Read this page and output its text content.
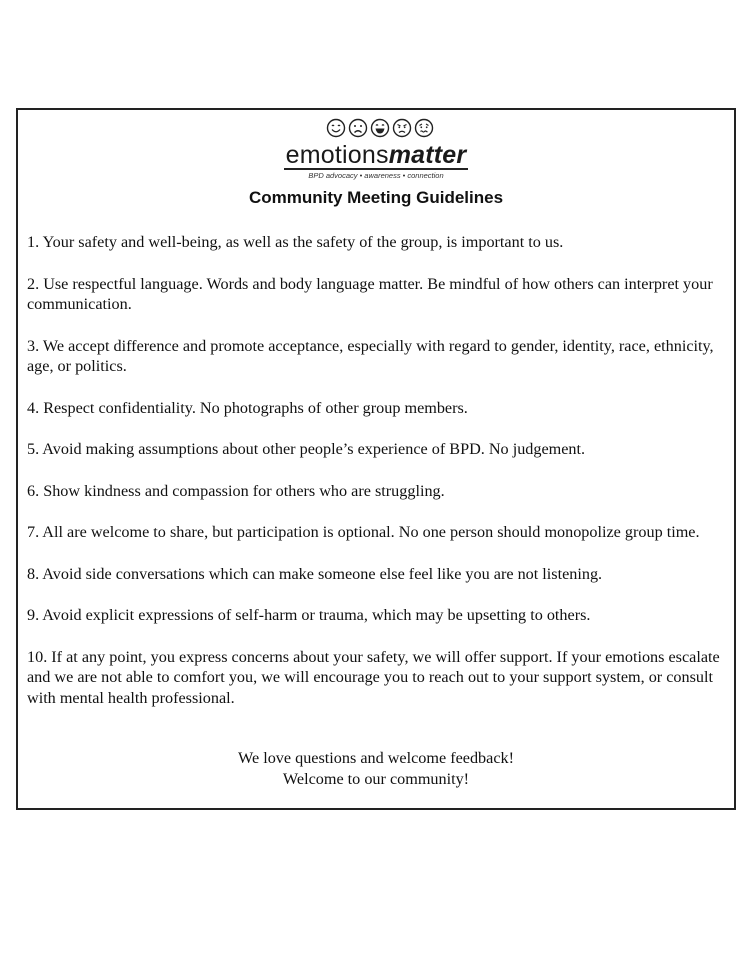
emotionsmatter
BPD advocacy • awareness • connection
Community Meeting Guidelines
1. Your safety and well-being, as well as the safety of the group, is important to us.
2. Use respectful language. Words and body language matter. Be mindful of how others can interpret your communication.
3. We accept difference and promote acceptance, especially with regard to gender, identity, race, ethnicity, age, or politics.
4. Respect confidentiality. No photographs of other group members.
5. Avoid making assumptions about other people’s experience of BPD. No judgement.
6. Show kindness and compassion for others who are struggling.
7. All are welcome to share, but participation is optional. No one person should monopolize group time.
8. Avoid side conversations which can make someone else feel like you are not listening.
9. Avoid explicit expressions of self-harm or trauma, which may be upsetting to others.
10. If at any point, you express concerns about your safety, we will offer support. If your emotions escalate and we are not able to comfort you, we will encourage you to reach out to your support system, or consult with mental health professional.
We love questions and welcome feedback!
Welcome to our community!
